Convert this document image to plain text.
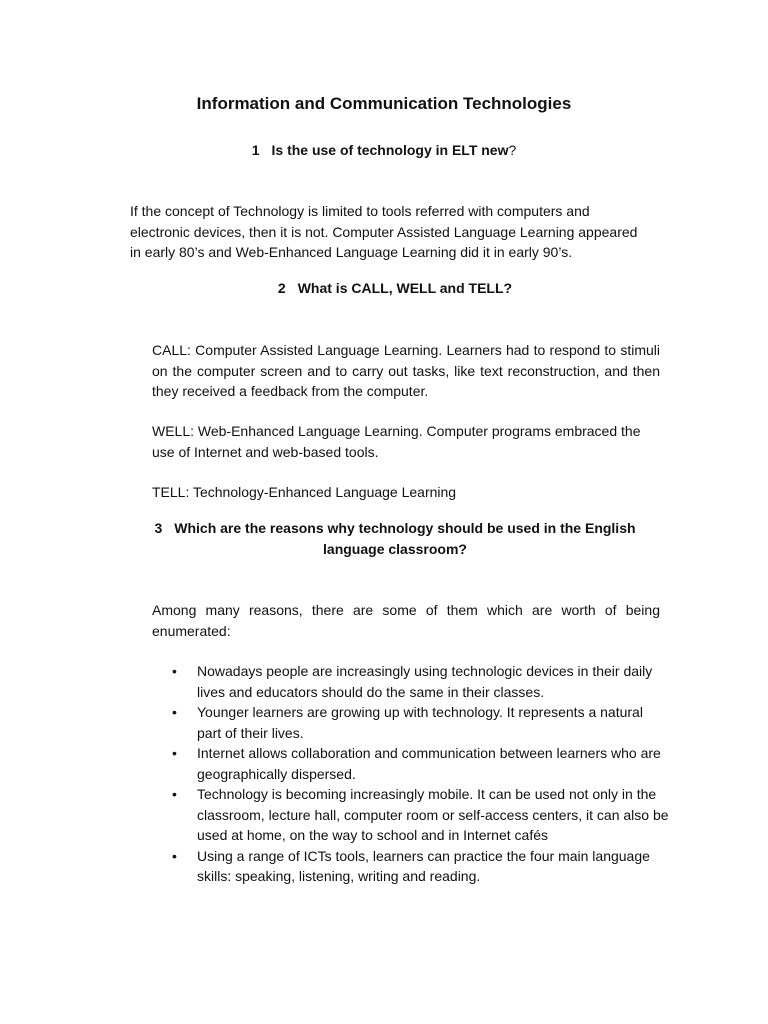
Information and Communication Technologies
1 Is the use of technology in ELT new?

If the concept of Technology is limited to tools referred with computers and electronic devices, then it is not. Computer Assisted Language Learning appeared in early 80’s and Web-Enhanced Language Learning did it in early 90’s.

2 What is CALL, WELL and TELL?

CALL: Computer Assisted Language Learning. Learners had to respond to stimuli on the computer screen and to carry out tasks, like text reconstruction, and then they received a feedback from the computer.

WELL: Web-Enhanced Language Learning. Computer programs embraced the use of Internet and web-based tools.

TELL: Technology-Enhanced Language Learning

3 Which are the reasons why technology should be used in the English
language classroom?

Among many reasons, there are some of them which are worth of being enumerated:

• Nowadays people are increasingly using technologic devices in their daily lives and educators should do the same in their classes.
• Younger learners are growing up with technology. It represents a natural part of their lives.
• Internet allows collaboration and communication between learners who are geographically dispersed.
• Technology is becoming increasingly mobile. It can be used not only in the classroom, lecture hall, computer room or self-access centers, it can also be used at home, on the way to school and in Internet cafés
• Using a range of ICTs tools, learners can practice the four main language skills: speaking, listening, writing and reading.
